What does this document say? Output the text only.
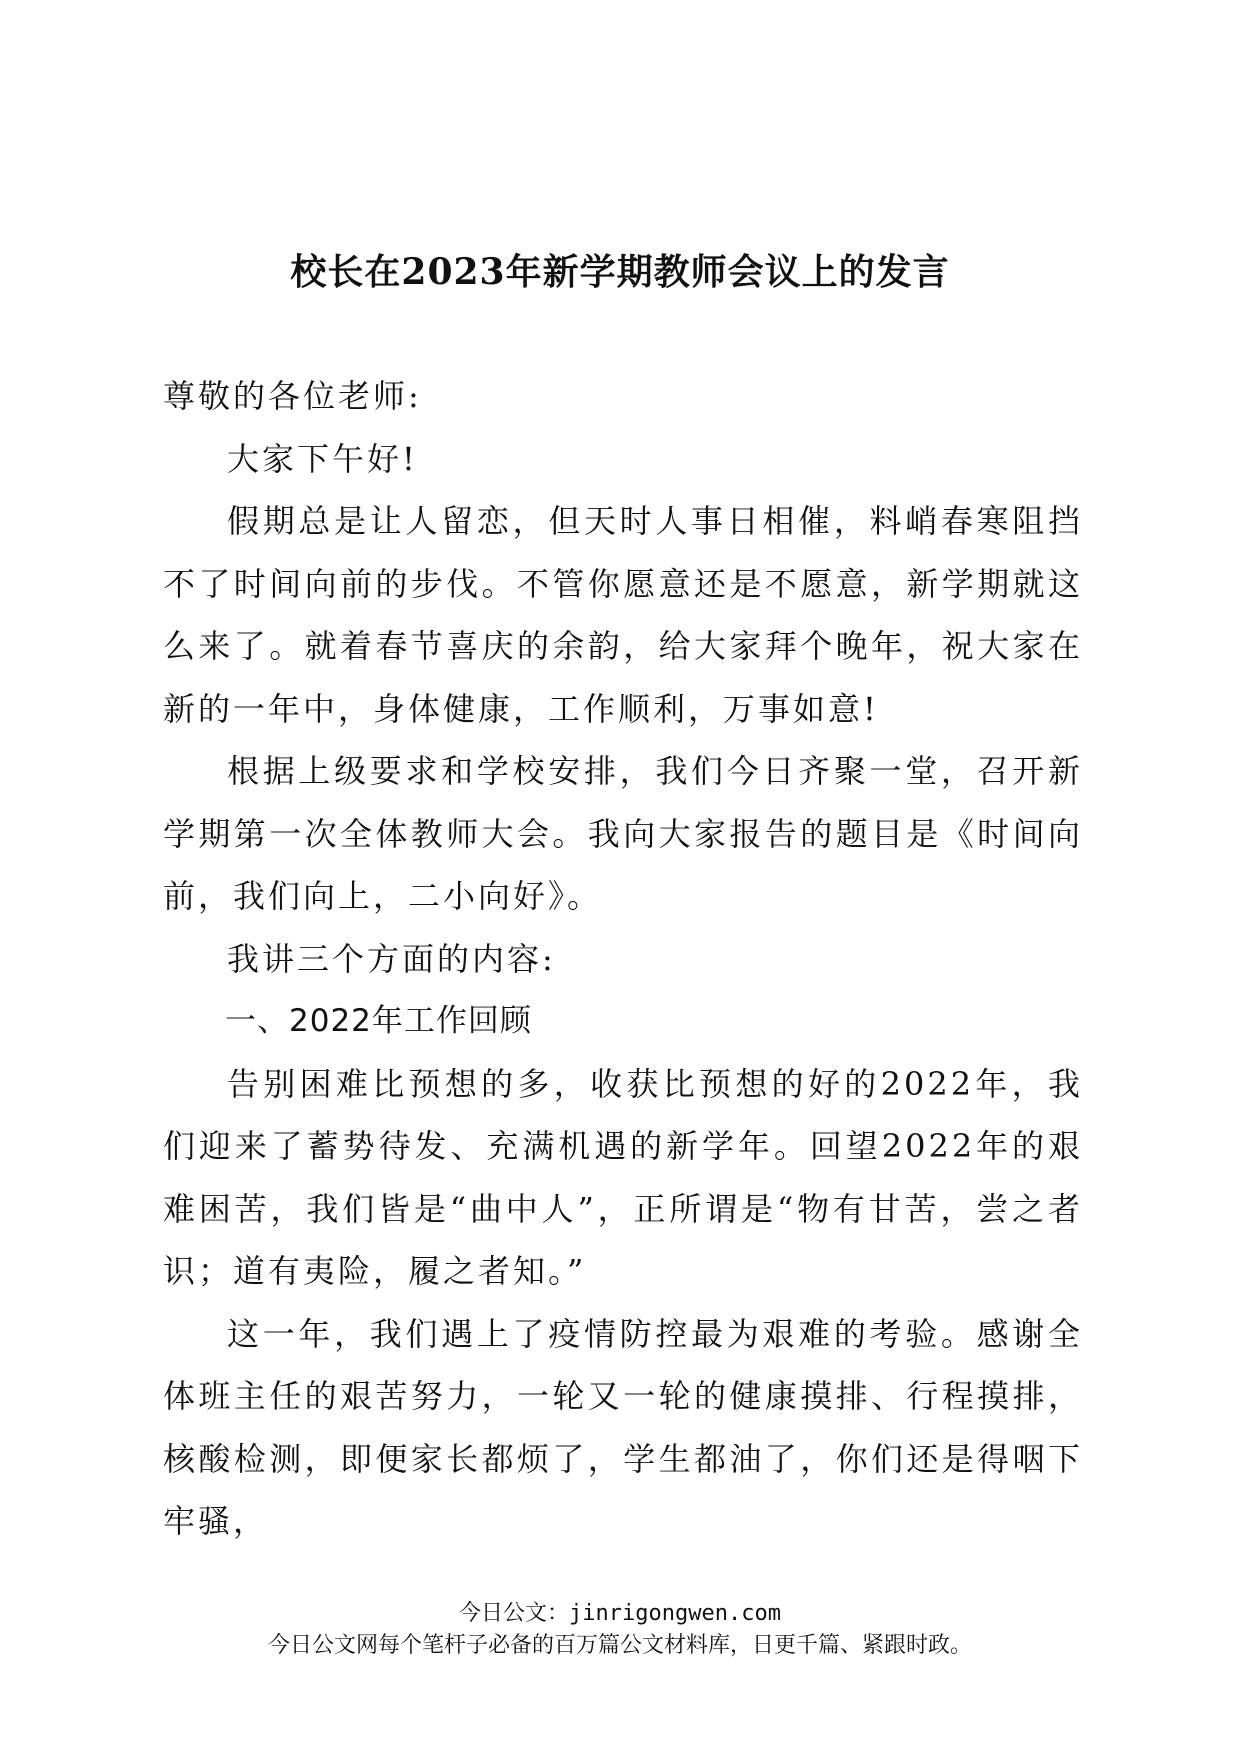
校长在2023年新学期教师会议上的发言

尊敬的各位老师:

大家下午好!

假期总是让人留恋，但天时人事日相催，料峭春寒阻挡不了时间向前的步伐。不管你愿意还是不愿意，新学期就这么来了。就着春节喜庆的余韵，给大家拜个晚年，祝大家在新的一年中，身体健康，工作顺利，万事如意!

根据上级要求和学校安排，我们今日齐聚一堂，召开新学期第一次全体教师大会。我向大家报告的题目是《时间向前，我们向上，二小向好》。

我讲三个方面的内容:

一、2022年工作回顾

告别困难比预想的多，收获比预想的好的2022年，我们迎来了蓄势待发、充满机遇的新学年。回望2022年的艰难困苦，我们皆是“曲中人”，正所谓是“物有甘苦，尝之者识；道有夷险，履之者知。”

这一年，我们遇上了疫情防控最为艰难的考验。感谢全体班主任的艰苦努力，一轮又一轮的健康摸排、行程摸排，核酸检测，即便家长都烦了，学生都油了，你们还是得咽下牢骚，

今日公文：jinrigongwen.com
今日公文网每个笔杆子必备的百万篇公文材料库，日更千篇、紧跟时政。
